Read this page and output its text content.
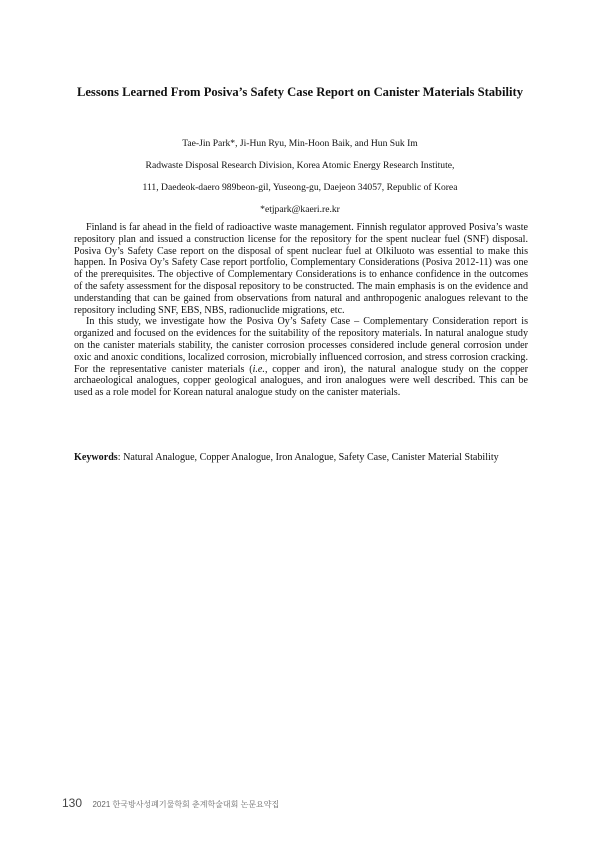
Lessons Learned From Posiva’s Safety Case Report on Canister Materials Stability
Tae-Jin Park*, Ji-Hun Ryu, Min-Hoon Baik, and Hun Suk Im
Radwaste Disposal Research Division, Korea Atomic Energy Research Institute,
111, Daedeok-daero 989beon-gil, Yuseong-gu, Daejeon 34057, Republic of Korea
*etjpark@kaeri.re.kr

Finland is far ahead in the field of radioactive waste management. Finnish regulator approved Posiva’s waste repository plan and issued a construction license for the repository for the spent nuclear fuel (SNF) disposal. Posiva Oy’s Safety Case report on the disposal of spent nuclear fuel at Olkiluoto was essential to make this happen. In Posiva Oy’s Safety Case report portfolio, Complementary Considerations (Posiva 2012-11) was one of the prerequisites. The objective of Complementary Considerations is to enhance confidence in the outcomes of the safety assessment for the disposal repository to be constructed. The main emphasis is on the evidence and understanding that can be gained from observations from natural and anthropogenic analogues relevant to the repository including SNF, EBS, NBS, radionuclide migrations, etc.

In this study, we investigate how the Posiva Oy’s Safety Case – Complementary Consideration report is organized and focused on the evidences for the suitability of the repository materials. In natural analogue study on the canister materials stability, the canister corrosion processes considered include general corrosion under oxic and anoxic conditions, localized corrosion, microbially influenced corrosion, and stress corrosion cracking. For the representative canister materials (i.e., copper and iron), the natural analogue study on the copper archaeological analogues, copper geological analogues, and iron analogues were well described. This can be used as a role model for Korean natural analogue study on the canister materials.

Keywords: Natural Analogue, Copper Analogue, Iron Analogue, Safety Case, Canister Material Stability
130 2021 한국방사성폐기물학회 춘계학술대회 논문요약집
